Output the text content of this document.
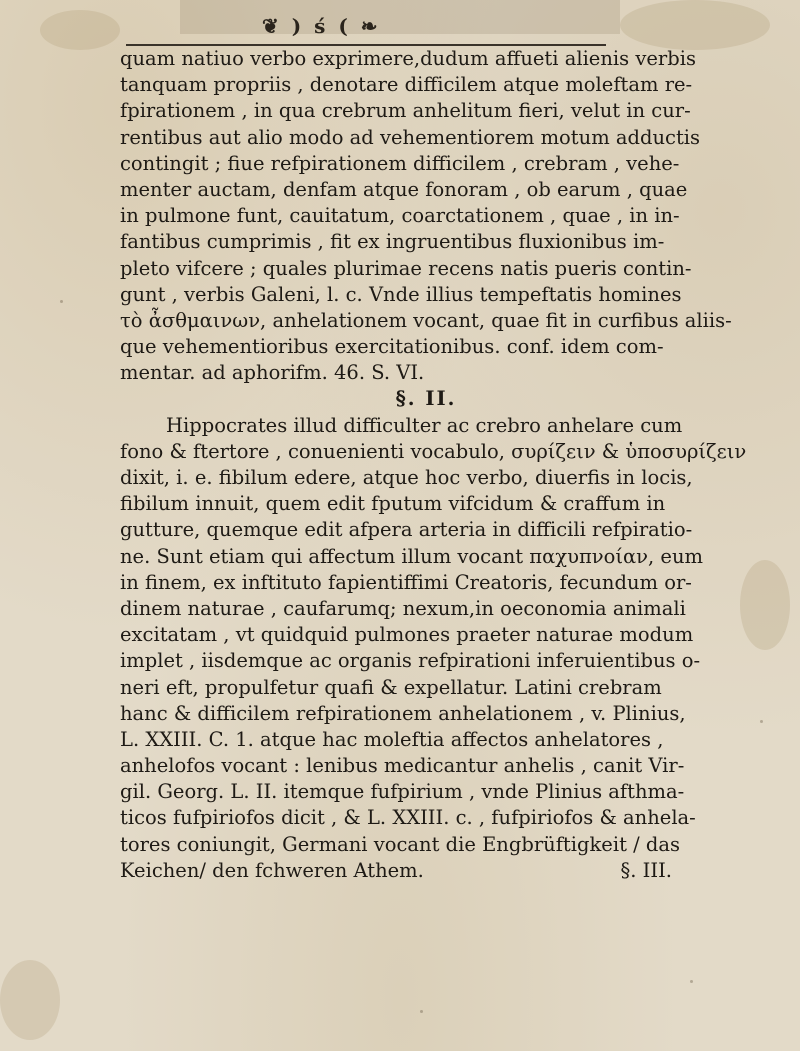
❦ ) ś ( ❧
quam natiuo verbo exprimere,dudum affueti alienis verbis
tanquam propriis , denotare difficilem atque moleftam re-
fpirationem , in qua crebrum anhelitum fieri, velut in cur-
rentibus aut alio modo ad vehementiorem motum adductis
contingit ; fiue refpirationem difficilem , crebram , vehe-
menter auctam, denfam atque fonoram , ob earum , quae
in pulmone funt, cauitatum, coarctationem , quae , in in-
fantibus cumprimis , fit ex ingruentibus fluxionibus im-
pleto vifcere ; quales plurimae recens natis pueris contin-
gunt , verbis Galeni, l. c. Vnde illius tempeftatis homines
τὸ ἆσθμαινων, anhelationem vocant, quae fit in curfibus aliis-
que vehementioribus exercitationibus. conf. idem com-
mentar. ad aphorifm. 46. S. VI.
§. II.
Hippocrates illud difficulter ac crebro anhelare cum
fono & ftertore , conuenienti vocabulo, συρίζειν & ὑποσυρίζειν
dixit, i. e. fibilum edere, atque hoc verbo, diuerfis in locis,
fibilum innuit, quem edit fputum vifcidum & craffum in
gutture, quemque edit afpera arteria in difficili refpiratio-
ne. Sunt etiam qui affectum illum vocant παχυπνοίαν, eum
in finem, ex inftituto fapientiffimi Creatoris, fecundum or-
dinem naturae , caufarumq; nexum,in oeconomia animali
excitatam , vt quidquid pulmones praeter naturae modum
implet , iisdemque ac organis refpirationi inferuientibus o-
neri eft, propulfetur quafi & expellatur. Latini crebram
hanc & difficilem refpirationem anhelationem , v. Plinius,
L. XXIII. C. 1. atque hac moleftia affectos anhelatores ,
anhelofos vocant : lenibus medicantur anhelis , canit Vir-
gil. Georg. L. II. itemque fufpirium , vnde Plinius afthma-
ticos fufpiriofos dicit , & L. XXIII. c. , fufpiriofos & anhela-
tores coniungit, Germani vocant die Engbrüftigkeit / das
Keichen/ den fchweren Athem.	§. III.
